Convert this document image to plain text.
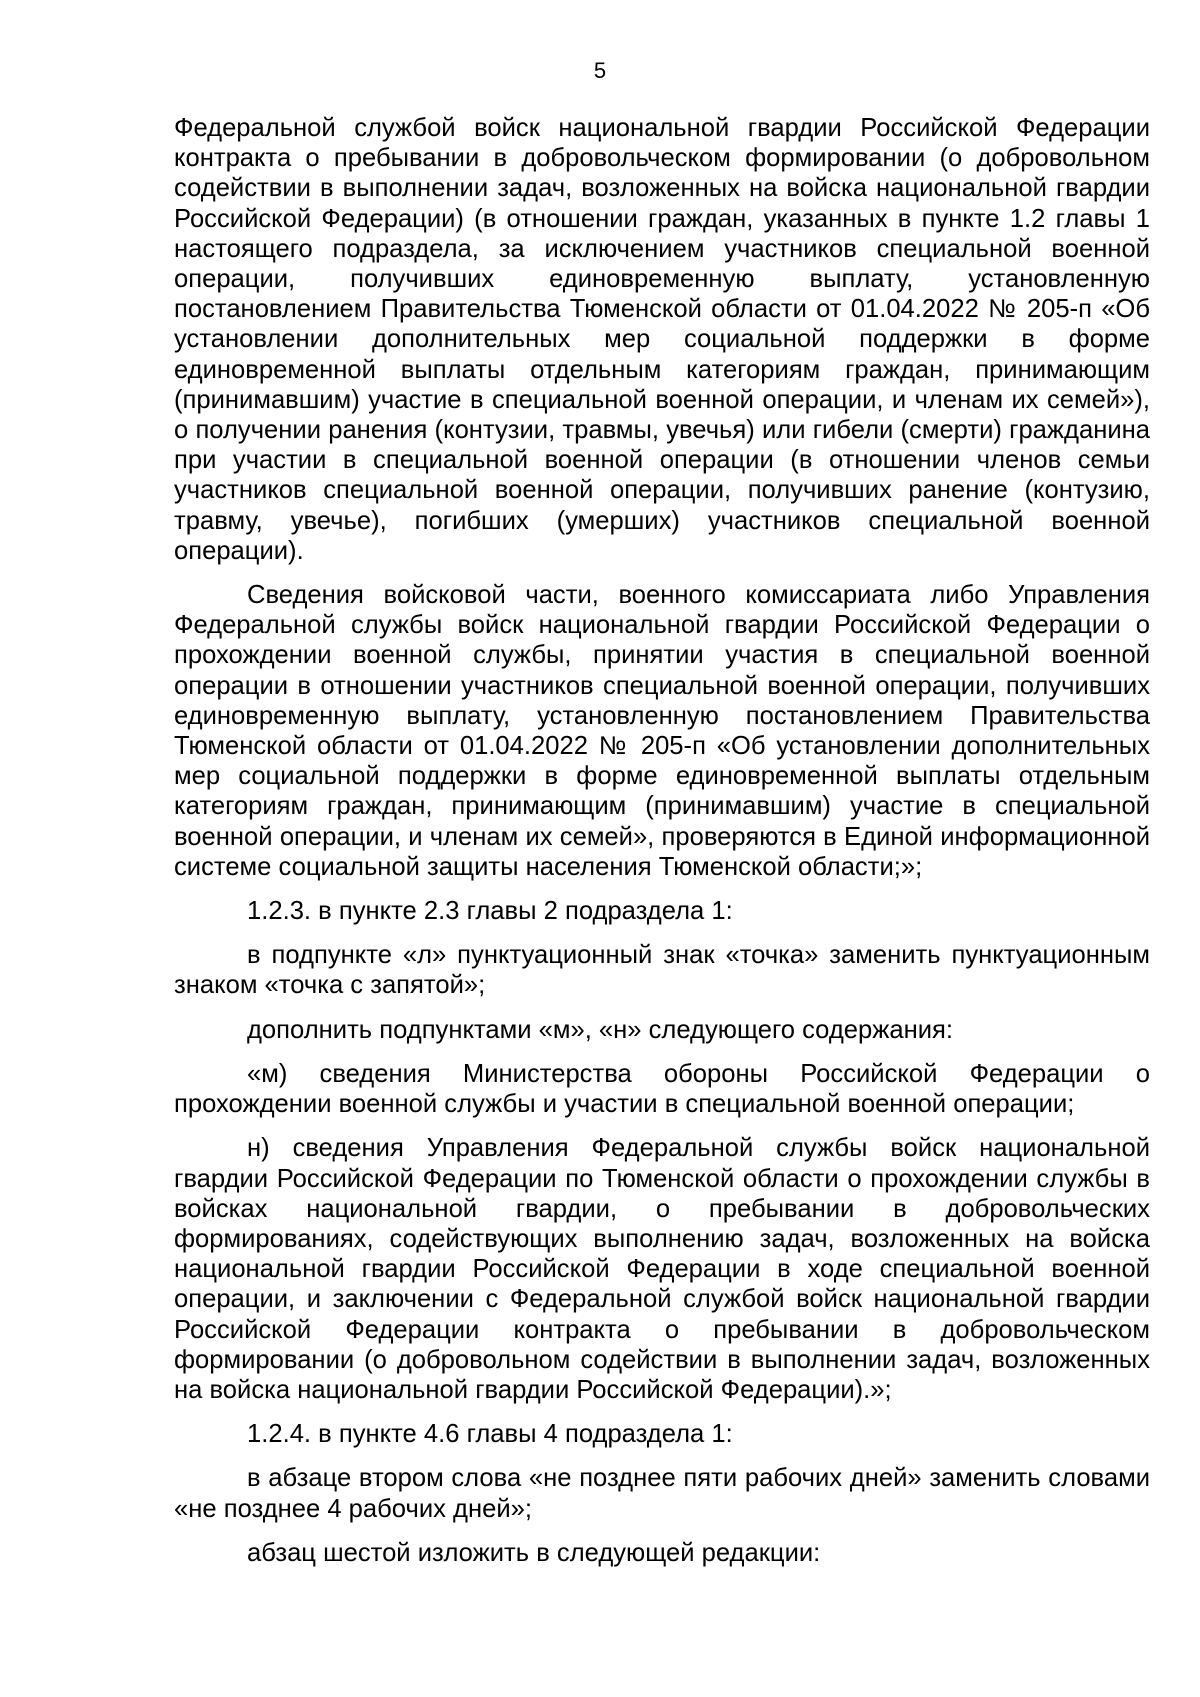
5

Федеральной службой войск национальной гвардии Российской Федерации контракта о пребывании в добровольческом формировании (о добровольном содействии в выполнении задач, возложенных на войска национальной гвардии Российской Федерации) (в отношении граждан, указанных в пункте 1.2 главы 1 настоящего подраздела, за исключением участников специальной военной операции, получивших единовременную выплату, установленную постановлением Правительства Тюменской области от 01.04.2022 № 205-п «Об установлении дополнительных мер социальной поддержки в форме единовременной выплаты отдельным категориям граждан, принимающим (принимавшим) участие в специальной военной операции, и членам их семей»), о получении ранения (контузии, травмы, увечья) или гибели (смерти) гражданина при участии в специальной военной операции (в отношении членов семьи участников специальной военной операции, получивших ранение (контузию, травму, увечье), погибших (умерших) участников специальной военной операции).

Сведения войсковой части, военного комиссариата либо Управления Федеральной службы войск национальной гвардии Российской Федерации о прохождении военной службы, принятии участия в специальной военной операции в отношении участников специальной военной операции, получивших единовременную выплату, установленную постановлением Правительства Тюменской области от 01.04.2022 № 205-п «Об установлении дополнительных мер социальной поддержки в форме единовременной выплаты отдельным категориям граждан, принимающим (принимавшим) участие в специальной военной операции, и членам их семей», проверяются в Единой информационной системе социальной защиты населения Тюменской области;»;

1.2.3. в пункте 2.3 главы 2 подраздела 1:

в подпункте «л» пунктуационный знак «точка» заменить пунктуационным знаком «точка с запятой»;

дополнить подпунктами «м», «н» следующего содержания:

«м) сведения Министерства обороны Российской Федерации о прохождении военной службы и участии в специальной военной операции;

н) сведения Управления Федеральной службы войск национальной гвардии Российской Федерации по Тюменской области о прохождении службы в войсках национальной гвардии, о пребывании в добровольческих формированиях, содействующих выполнению задач, возложенных на войска национальной гвардии Российской Федерации в ходе специальной военной операции, и заключении с Федеральной службой войск национальной гвардии Российской Федерации контракта о пребывании в добровольческом формировании (о добровольном содействии в выполнении задач, возложенных на войска национальной гвардии Российской Федерации).»;

1.2.4. в пункте 4.6 главы 4 подраздела 1:

в абзаце втором слова «не позднее пяти рабочих дней» заменить словами «не позднее 4 рабочих дней»;

абзац шестой изложить в следующей редакции:
